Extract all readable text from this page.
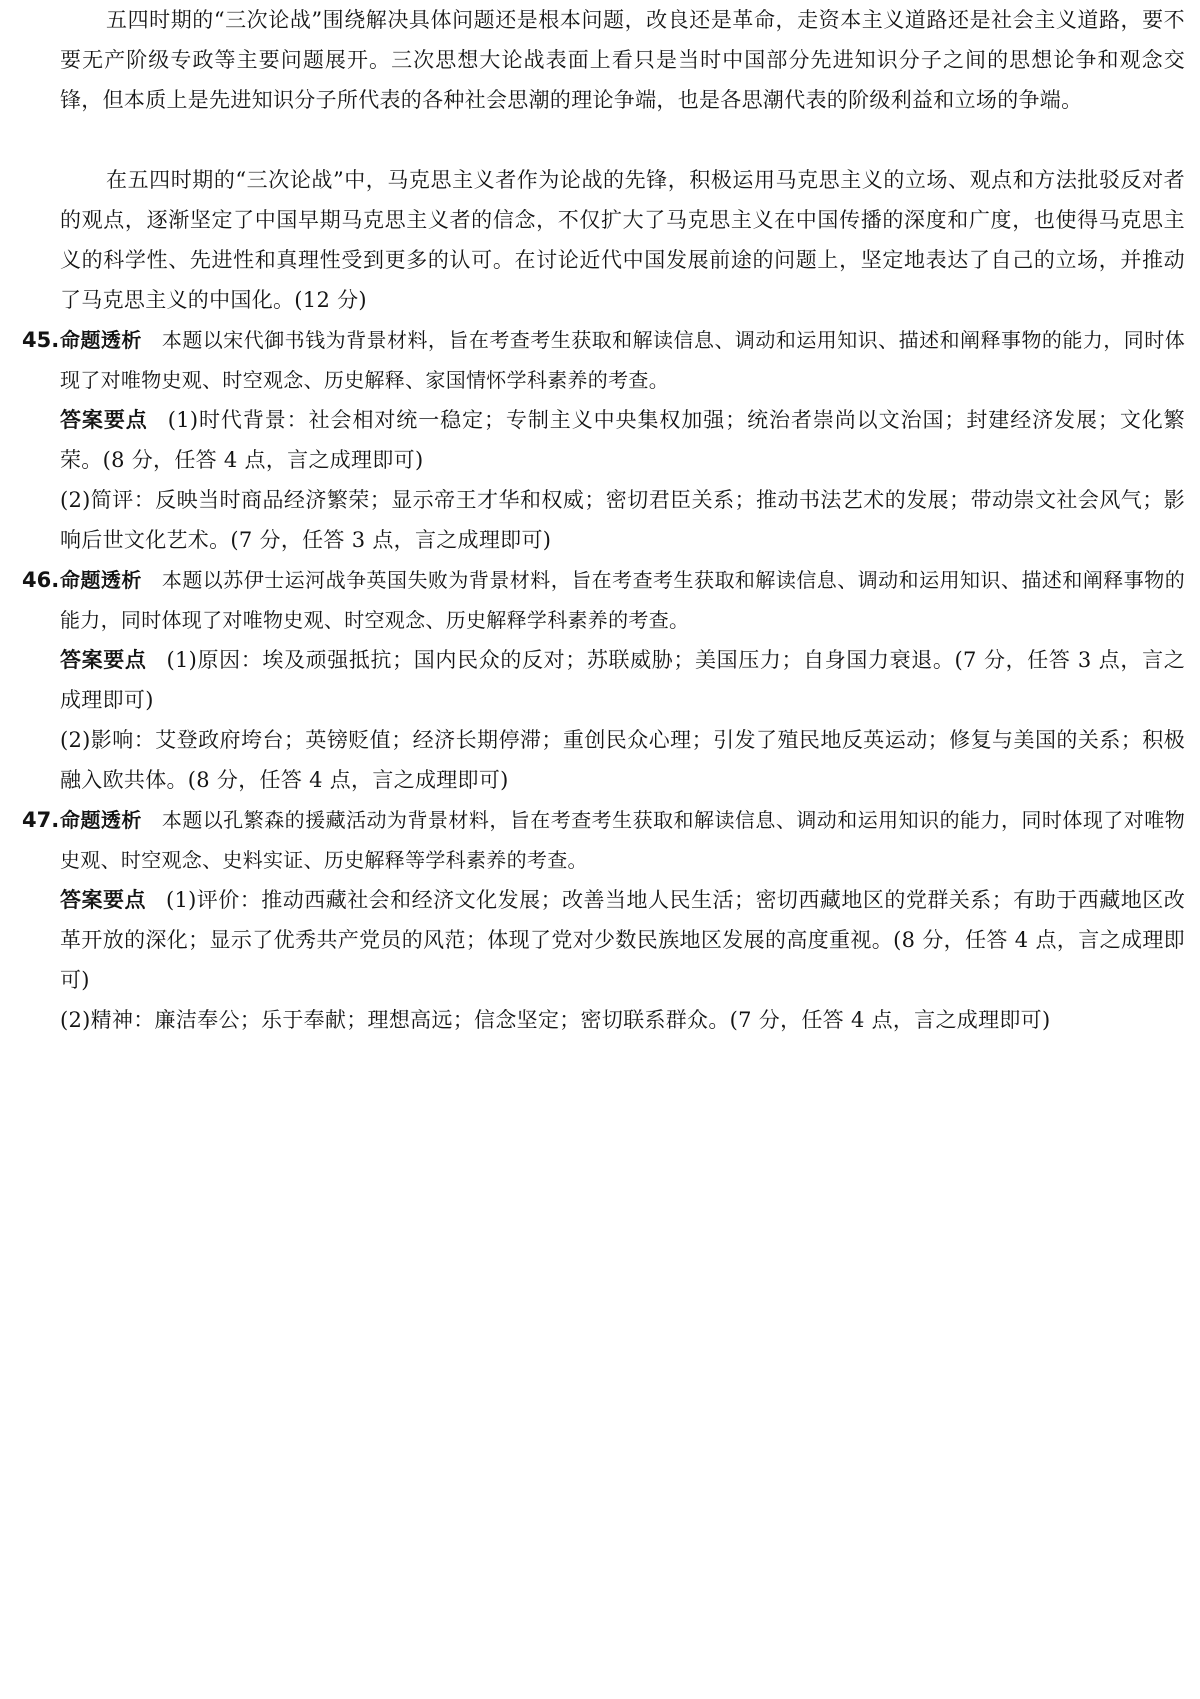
五四时期的“三次论战”围绕解决具体问题还是根本问题，改良还是革命，走资本主义道路还是社会主义道路，要不要无产阶级专政等主要问题展开。三次思想大论战表面上看只是当时中国部分先进知识分子之间的思想论争和观念交锋，但本质上是先进知识分子所代表的各种社会思潮的理论争端，也是各思潮代表的阶级利益和立场的争端。

在五四时期的“三次论战”中，马克思主义者作为论战的先锋，积极运用马克思主义的立场、观点和方法批驳反对者的观点，逐渐坚定了中国早期马克思主义者的信念，不仅扩大了马克思主义在中国传播的深度和广度，也使得马克思主义的科学性、先进性和真理性受到更多的认可。在讨论近代中国发展前途的问题上，坚定地表达了自己的立场，并推动了马克思主义的中国化。(12 分)

45. 命题透析 本题以宋代御书钱为背景材料，旨在考查考生获取和解读信息、调动和运用知识、描述和阐释事物的能力，同时体现了对唯物史观、时空观念、历史解释、家国情怀学科素养的考查。

答案要点 (1)时代背景：社会相对统一稳定；专制主义中央集权加强；统治者崇尚以文治国；封建经济发展；文化繁荣。(8 分，任答 4 点，言之成理即可)

(2)简评：反映当时商品经济繁荣；显示帝王才华和权威；密切君臣关系；推动书法艺术的发展；带动崇文社会风气；影响后世文化艺术。(7 分，任答 3 点，言之成理即可)

46. 命题透析 本题以苏伊士运河战争英国失败为背景材料，旨在考查考生获取和解读信息、调动和运用知识、描述和阐释事物的能力，同时体现了对唯物史观、时空观念、历史解释学科素养的考查。

答案要点 (1)原因：埃及顽强抵抗；国内民众的反对；苏联威胁；美国压力；自身国力衰退。(7 分，任答 3 点，言之成理即可)

(2)影响：艾登政府垮台；英镑贬值；经济长期停滞；重创民众心理；引发了殖民地反英运动；修复与美国的关系；积极融入欧共体。(8 分，任答 4 点，言之成理即可)

47. 命题透析 本题以孔繁森的援藏活动为背景材料，旨在考查考生获取和解读信息、调动和运用知识的能力，同时体现了对唯物史观、时空观念、史料实证、历史解释等学科素养的考查。

答案要点 (1)评价：推动西藏社会和经济文化发展；改善当地人民生活；密切西藏地区的党群关系；有助于西藏地区改革开放的深化；显示了优秀共产党员的风范；体现了党对少数民族地区发展的高度重视。(8 分，任答 4 点，言之成理即可)

(2)精神：廉洁奉公；乐于奉献；理想高远；信念坚定；密切联系群众。(7 分，任答 4 点，言之成理即可)
